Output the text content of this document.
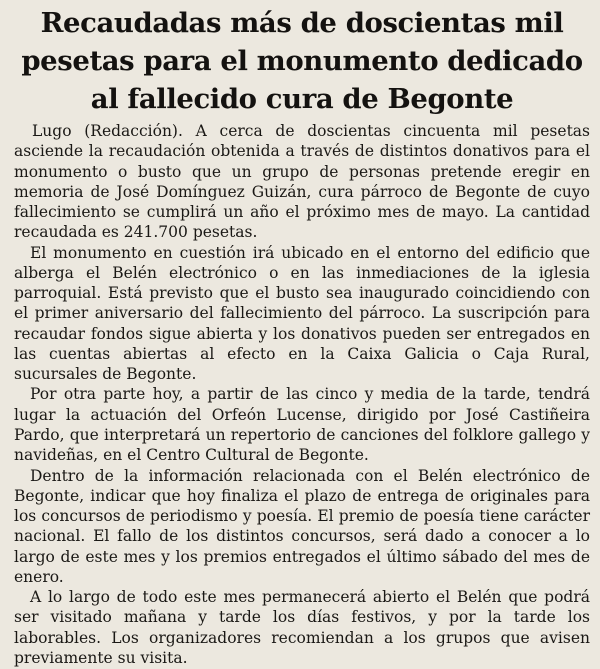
Recaudadas más de doscientas mil
pesetas para el monumento dedicado
al fallecido cura de Begonte

Lugo (Redacción). A cerca de doscientas cincuenta mil pesetas asciende la recaudación obtenida a través de distintos donativos para el monumento o busto que un grupo de personas pretende eregir en memoria de José Domínguez Guizán, cura párroco de Begonte de cuyo fallecimiento se cumplirá un año el próximo mes de mayo. La cantidad recaudada es 241.700 pesetas.

El monumento en cuestión irá ubicado en el entorno del edificio que alberga el Belén electrónico o en las inmediaciones de la iglesia parroquial. Está previsto que el busto sea inaugurado coincidiendo con el primer aniversario del fallecimiento del párroco. La suscripción para recaudar fondos sigue abierta y los donativos pueden ser entregados en las cuentas abiertas al efecto en la Caixa Galicia o Caja Rural, sucursales de Begonte.

Por otra parte hoy, a partir de las cinco y media de la tarde, tendrá lugar la actuación del Orfeón Lucense, dirigido por José Castiñeira Pardo, que interpretará un repertorio de canciones del folklore gallego y navideñas, en el Centro Cultural de Begonte.

Dentro de la información relacionada con el Belén electrónico de Begonte, indicar que hoy finaliza el plazo de entrega de originales para los concursos de periodismo y poesía. El premio de poesía tiene carácter nacional. El fallo de los distintos concursos, será dado a conocer a lo largo de este mes y los premios entregados el último sábado del mes de enero.

A lo largo de todo este mes permanecerá abierto el Belén que podrá ser visitado mañana y tarde los días festivos, y por la tarde los laborables. Los organizadores recomiendan a los grupos que avisen previamente su visita.
